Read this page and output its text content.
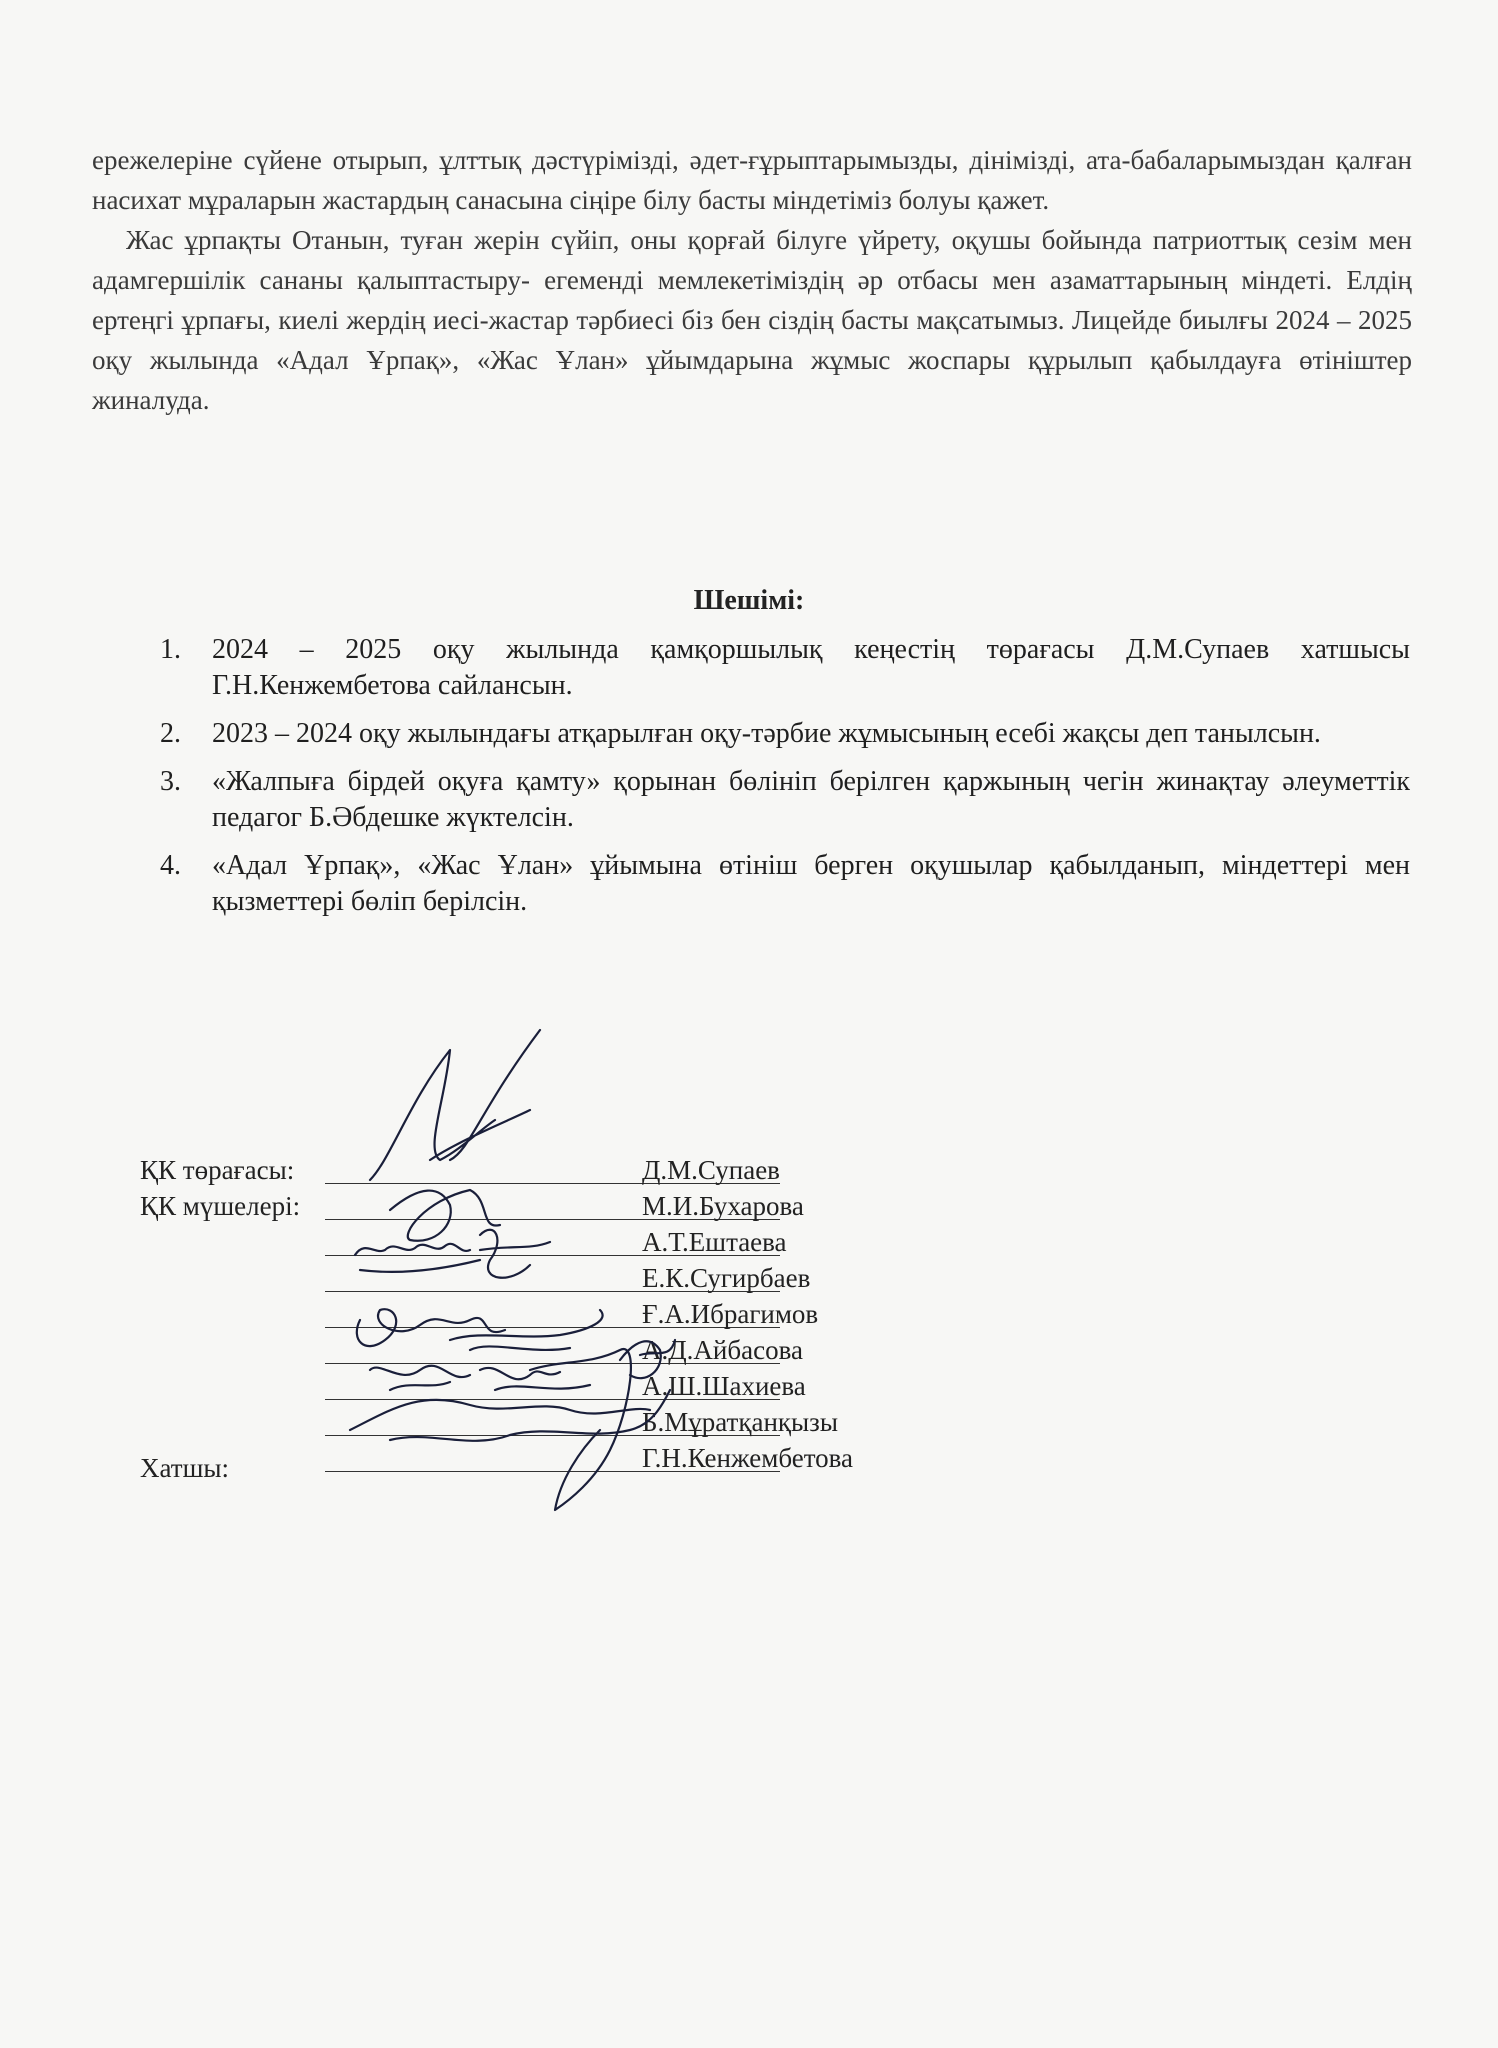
ережелеріне сүйене отырып, ұлттық дәстүрімізді, әдет-ғұрыптарымызды, дінімізді, ата-бабаларымыздан қалған насихат мұраларын жастардың санасына сіңіре білу басты міндетіміз болуы қажет.

Жас ұрпақты Отанын, туған жерін сүйіп, оны қорғай білуге үйрету, оқушы бойында патриоттық сезім мен адамгершілік сананы қалыптастыру- егеменді мемлекетіміздің әр отбасы мен азаматтарының міндеті. Елдің ертеңгі ұрпағы, киелі жердің иесі-жастар тәрбиесі біз бен сіздің басты мақсатымыз. Лицейде биылғы 2024 – 2025 оқу жылында «Адал Ұрпақ», «Жас Ұлан» ұйымдарына жұмыс жоспары құрылып қабылдауға өтініштер жиналуда.

Шешімі:
1. 2024 – 2025 оқу жылында қамқоршылық кеңестің төрағасы Д.М.Супаев хатшысы Г.Н.Кенжембетова сайлансын.
2. 2023 – 2024 оқу жылындағы атқарылған оқу-тәрбие жұмысының есебі жақсы деп танылсын.
3. «Жалпыға бірдей оқуға қамту» қорынан бөлініп берілген қаржының чегін жинақтау әлеуметтік педагог Б.Әбдешке жүктелсін.
4. «Адал Ұрпақ», «Жас Ұлан» ұйымына өтініш берген оқушылар қабылданып, міндеттері мен қызметтері бөліп берілсін.
ҚК төрағасы:	Д.М.Супаев
ҚК мүшелері:	М.И.Бухарова
А.Т.Ештаева
Е.К.Сугирбаев
Ғ.А.Ибрагимов
А.Д.Айбасова
А.Ш.Шахиева
Б.Мұратқанқызы
Хатшы:	Г.Н.Кенжембетова
